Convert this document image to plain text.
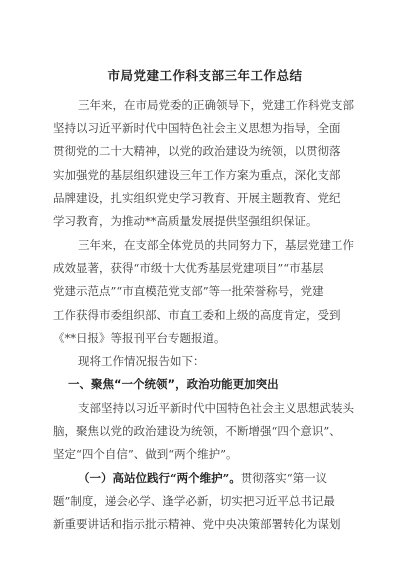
市局党建工作科支部三年工作总结
三年来，在市局党委的正确领导下，党建工作科党支部
坚持以习近平新时代中国特色社会主义思想为指导，全面
贯彻党的二十大精神，以党的政治建设为统领，以贯彻落
实加强党的基层组织建设三年工作方案为重点，深化支部
品牌建设，扎实组织党史学习教育、开展主题教育、党纪
学习教育，为推动**高质量发展提供坚强组织保证。
三年来，在支部全体党员的共同努力下，基层党建工作
成效显著，获得“市级十大优秀基层党建项目”“市基层
党建示范点”“市直模范党支部”等一批荣誉称号，党建
工作获得市委组织部、市直工委和上级的高度肯定，受到
《**日报》等报刊平台专题报道。
现将工作情况报告如下：
一、聚焦“一个统领”，政治功能更加突出
支部坚持以习近平新时代中国特色社会主义思想武装头
脑，聚焦以党的政治建设为统领，不断增强“四个意识”、
坚定“四个自信”、做到“两个维护”。
（一）高站位践行“两个维护”。贯彻落实“第一议
题”制度，递会必学、逢学必新，切实把习近平总书记最
新重要讲话和指示批示精神、党中央决策部署转化为谋划
